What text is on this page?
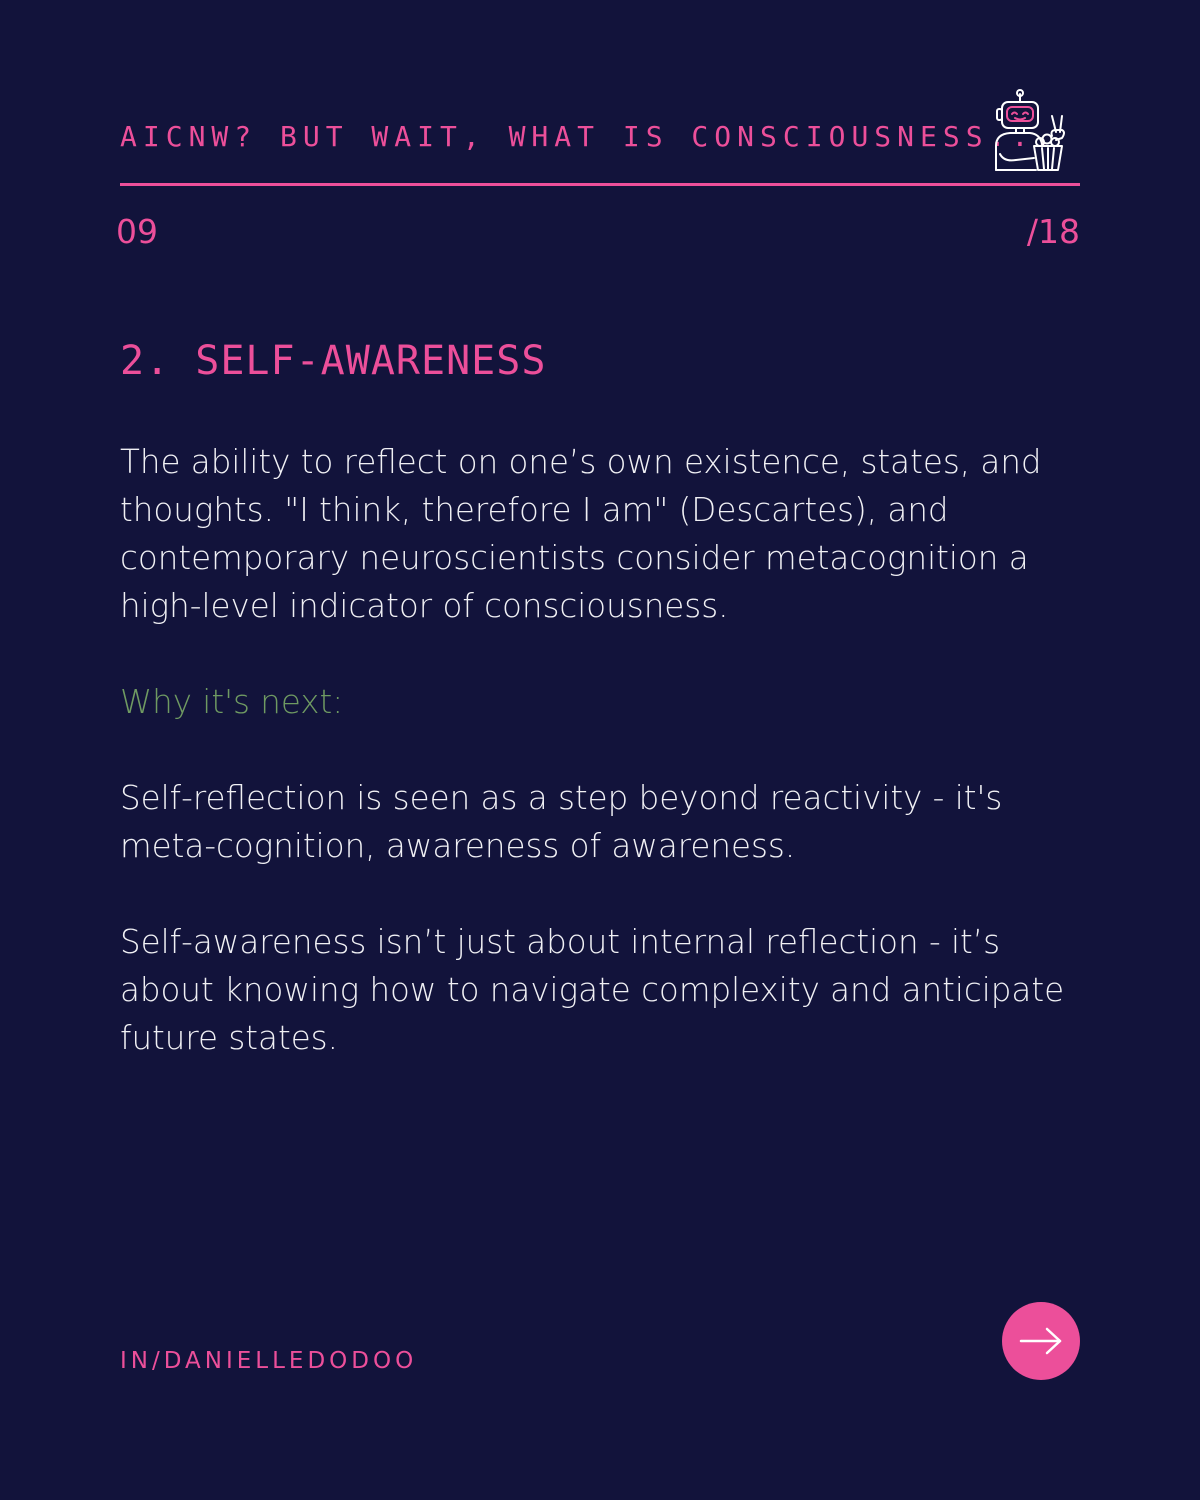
AICNW? BUT WAIT, WHAT IS CONSCIOUSNESS...
09	/18
2. SELF-AWARENESS

The ability to reflect on one’s own existence, states, and thoughts. "I think, therefore I am" (Descartes), and contemporary neuroscientists consider metacognition a high-level indicator of consciousness.

Why it's next:

Self-reflection is seen as a step beyond reactivity - it's meta-cognition, awareness of awareness.

Self-awareness isn’t just about internal reflection - it’s about knowing how to navigate complexity and anticipate future states.

IN/DANIELLEDODOO
